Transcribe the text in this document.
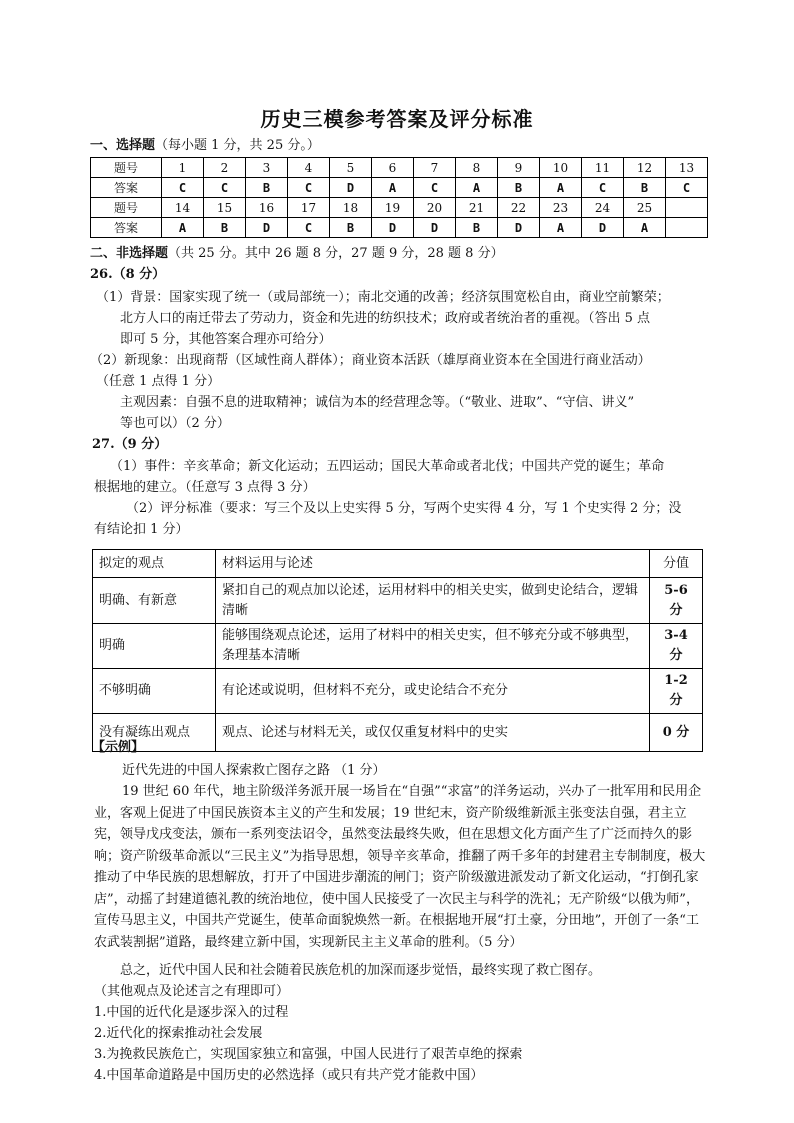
历史三模参考答案及评分标准
一、选择题（每小题 1 分，共 25 分。）
题号	1	2	3	4	5	6	7	8	9	10	11	12	13
答案	C	C	B	C	D	A	C	A	B	A	C	B	C
题号	14	15	16	17	18	19	20	21	22	23	24	25	
答案	A	B	D	C	B	D	D	B	D	A	D	A	
二、非选择题（共 25 分。其中 26 题 8 分，27 题 9 分，28 题 8 分）
26.（8 分）
（1）背景：国家实现了统一（或局部统一）；南北交通的改善；经济氛围宽松自由，商业空前繁荣；
北方人口的南迁带去了劳动力，资金和先进的纺织技术；政府或者统治者的重视。（答出 5 点
即可 5 分，其他答案合理亦可给分）
（2）新现象：出现商帮（区域性商人群体）；商业资本活跃（雄厚商业资本在全国进行商业活动）
（任意 1 点得 1 分）
主观因素：自强不息的进取精神；诚信为本的经营理念等。（“敬业、进取”、“守信、讲义”
等也可以）（2 分）
27.（9 分）
（1）事件：辛亥革命；新文化运动；五四运动；国民大革命或者北伐；中国共产党的诞生；革命
根据地的建立。（任意写 3 点得 3 分）
（2）评分标准（要求：写三个及以上史实得 5 分，写两个史实得 4 分，写 1 个史实得 2 分；没
有结论扣 1 分）
拟定的观点	材料运用与论述	分值
明确、有新意	紧扣自己的观点加以论述，运用材料中的相关史实，做到史论结合，逻辑清晰	5-6 分
明确	能够围绕观点论述，运用了材料中的相关史实，但不够充分或不够典型，条理基本清晰	3-4 分
不够明确	有论述或说明，但材料不充分，或史论结合不充分	1-2 分
没有凝练出观点	观点、论述与材料无关，或仅仅重复材料中的史实	0 分
【示例】
近代先进的中国人探索救亡图存之路 （1 分）
19 世纪 60 年代，地主阶级洋务派开展一场旨在“自强”“求富”的洋务运动，兴办了一批军用和民用企业，客观上促进了中国民族资本主义的产生和发展；19 世纪末，资产阶级维新派主张变法自强，君主立宪，领导戊戌变法，颁布一系列变法诏令，虽然变法最终失败，但在思想文化方面产生了广泛而持久的影响；资产阶级革命派以“三民主义”为指导思想，领导辛亥革命，推翻了两千多年的封建君主专制制度，极大推动了中华民族的思想解放，打开了中国进步潮流的闸门；资产阶级激进派发动了新文化运动，“打倒孔家店”，动摇了封建道德礼教的统治地位，使中国人民接受了一次民主与科学的洗礼；无产阶级“以俄为师”，宣传马思主义，中国共产党诞生，使革命面貌焕然一新。在根据地开展“打土豪，分田地”，开创了一条“工农武装割据”道路，最终建立新中国，实现新民主主义革命的胜利。（5 分）
总之，近代中国人民和社会随着民族危机的加深而逐步觉悟，最终实现了救亡图存。
（其他观点及论述言之有理即可）
1.中国的近代化是逐步深入的过程
2.近代化的探索推动社会发展
3.为挽救民族危亡，实现国家独立和富强，中国人民进行了艰苦卓绝的探索
4.中国革命道路是中国历史的必然选择（或只有共产党才能救中国）
